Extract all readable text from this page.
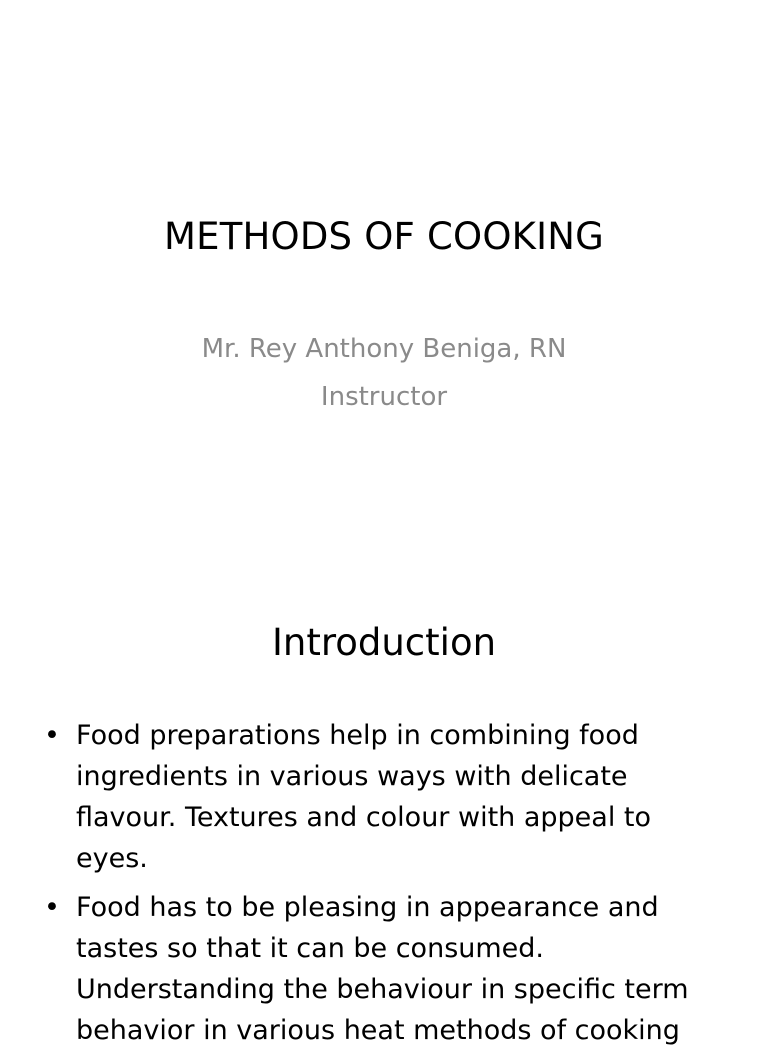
METHODS OF COOKING
Mr. Rey Anthony Beniga, RN
Instructor
Introduction
• Food preparations help in combining food ingredients in various ways with delicate flavour. Textures and colour with appeal to eyes.
• Food has to be pleasing in appearance and tastes so that it can be consumed. Understanding the behaviour in specific term behavior in various heat methods of cooking
